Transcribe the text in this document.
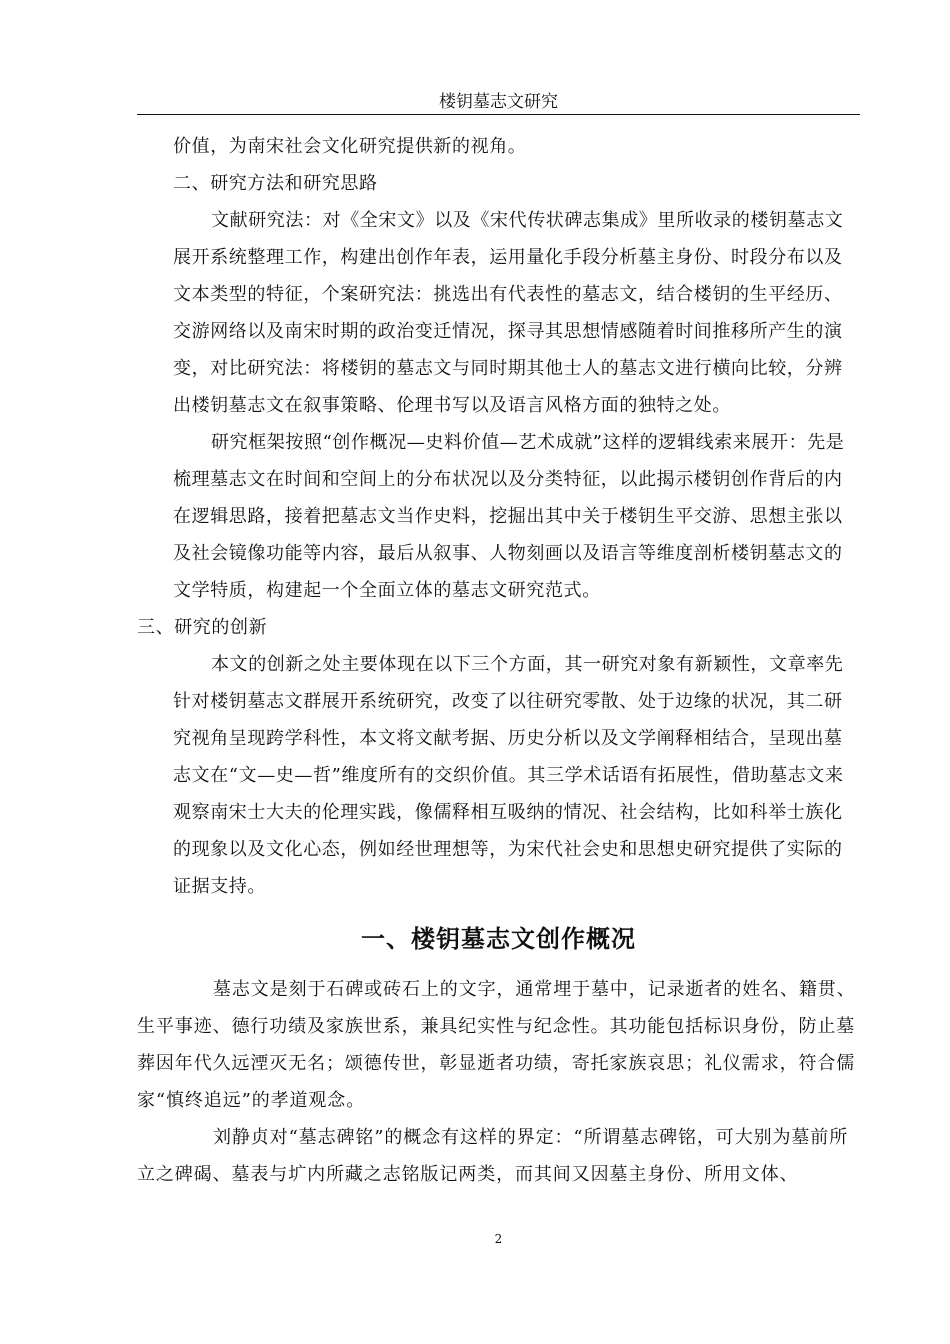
楼钥墓志文研究

价值，为南宋社会文化研究提供新的视角。

二、研究方法和研究思路

文献研究法：对《全宋文》以及《宋代传状碑志集成》里所收录的楼钥墓志文展开系统整理工作，构建出创作年表，运用量化手段分析墓主身份、时段分布以及文本类型的特征，个案研究法：挑选出有代表性的墓志文，结合楼钥的生平经历、交游网络以及南宋时期的政治变迁情况，探寻其思想情感随着时间推移所产生的演变，对比研究法：将楼钥的墓志文与同时期其他士人的墓志文进行横向比较，分辨出楼钥墓志文在叙事策略、伦理书写以及语言风格方面的独特之处。

研究框架按照“创作概况—史料价值—艺术成就”这样的逻辑线索来展开：先是梳理墓志文在时间和空间上的分布状况以及分类特征，以此揭示楼钥创作背后的内在逻辑思路，接着把墓志文当作史料，挖掘出其中关于楼钥生平交游、思想主张以及社会镜像功能等内容，最后从叙事、人物刻画以及语言等维度剖析楼钥墓志文的文学特质，构建起一个全面立体的墓志文研究范式。

三、研究的创新

本文的创新之处主要体现在以下三个方面，其一研究对象有新颖性，文章率先针对楼钥墓志文群展开系统研究，改变了以往研究零散、处于边缘的状况，其二研究视角呈现跨学科性，本文将文献考据、历史分析以及文学阐释相结合，呈现出墓志文在“文—史—哲”维度所有的交织价值。其三学术话语有拓展性，借助墓志文来观察南宋士大夫的伦理实践，像儒释相互吸纳的情况、社会结构，比如科举士族化的现象以及文化心态，例如经世理想等，为宋代社会史和思想史研究提供了实际的证据支持。

一、楼钥墓志文创作概况

墓志文是刻于石碑或砖石上的文字，通常埋于墓中，记录逝者的姓名、籍贯、生平事迹、德行功绩及家族世系，兼具纪实性与纪念性。其功能包括标识身份，防止墓葬因年代久远湮灭无名；颂德传世，彰显逝者功绩，寄托家族哀思；礼仪需求，符合儒家“慎终追远”的孝道观念。

刘静贞对“墓志碑铭”的概念有这样的界定：“所谓墓志碑铭，可大别为墓前所立之碑碣、墓表与圹内所藏之志铭版记两类，而其间又因墓主身份、所用文体、

2
